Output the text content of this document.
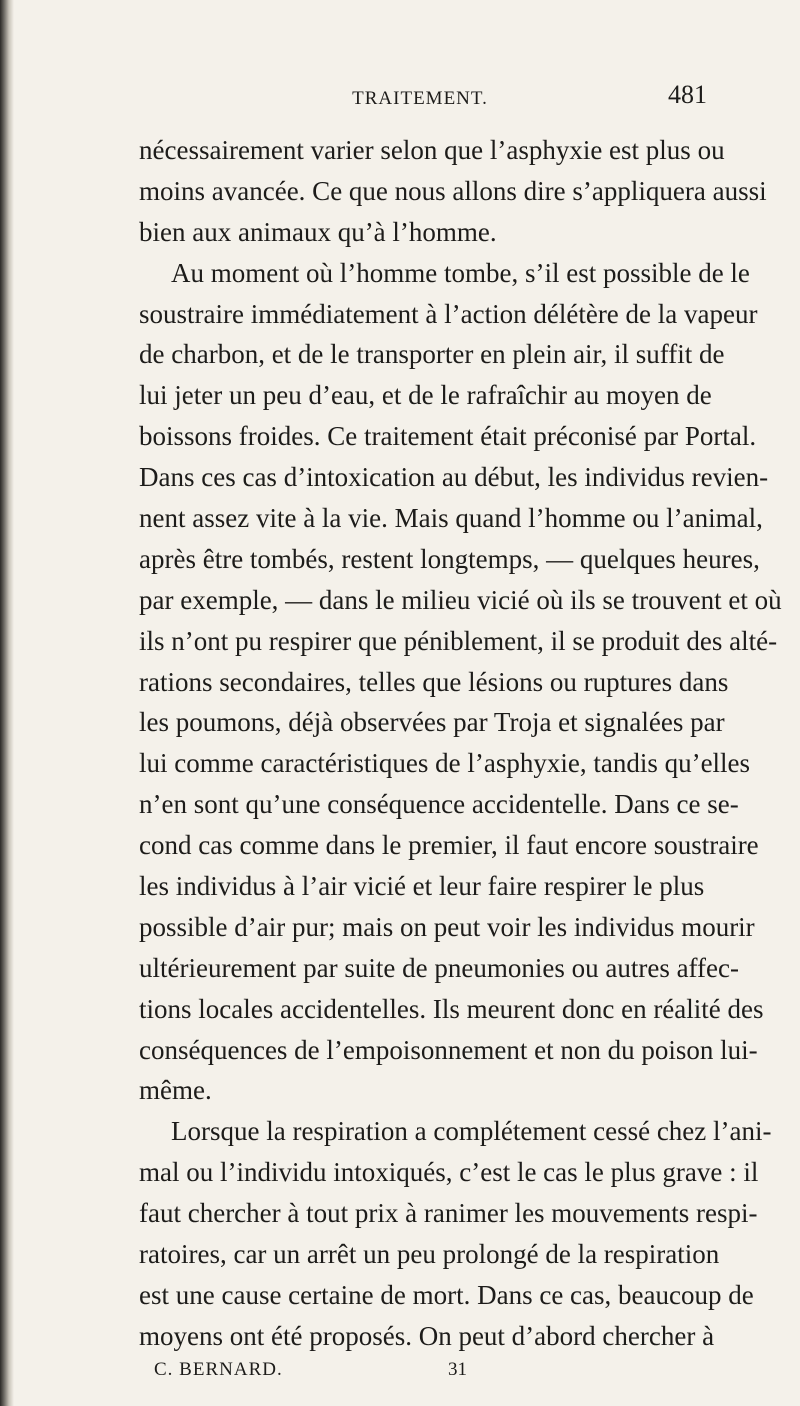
TRAITEMENT.	481
nécessairement varier selon que l’asphyxie est plus ou
moins avancée. Ce que nous allons dire s’appliquera aussi
bien aux animaux qu’à l’homme.
Au moment où l’homme tombe, s’il est possible de le
soustraire immédiatement à l’action délétère de la vapeur
de charbon, et de le transporter en plein air, il suffit de
lui jeter un peu d’eau, et de le rafraîchir au moyen de
boissons froides. Ce traitement était préconisé par Portal.
Dans ces cas d’intoxication au début, les individus revien-
nent assez vite à la vie. Mais quand l’homme ou l’animal,
après être tombés, restent longtemps, — quelques heures,
par exemple, — dans le milieu vicié où ils se trouvent et où
ils n’ont pu respirer que péniblement, il se produit des alté-
rations secondaires, telles que lésions ou ruptures dans
les poumons, déjà observées par Troja et signalées par
lui comme caractéristiques de l’asphyxie, tandis qu’elles
n’en sont qu’une conséquence accidentelle. Dans ce se-
cond cas comme dans le premier, il faut encore soustraire
les individus à l’air vicié et leur faire respirer le plus
possible d’air pur; mais on peut voir les individus mourir
ultérieurement par suite de pneumonies ou autres affec-
tions locales accidentelles. Ils meurent donc en réalité des
conséquences de l’empoisonnement et non du poison lui-
même.
Lorsque la respiration a complétement cessé chez l’ani-
mal ou l’individu intoxiqués, c’est le cas le plus grave : il
faut chercher à tout prix à ranimer les mouvements respi-
ratoires, car un arrêt un peu prolongé de la respiration
est une cause certaine de mort. Dans ce cas, beaucoup de
moyens ont été proposés. On peut d’abord chercher à
C. BERNARD.	31
